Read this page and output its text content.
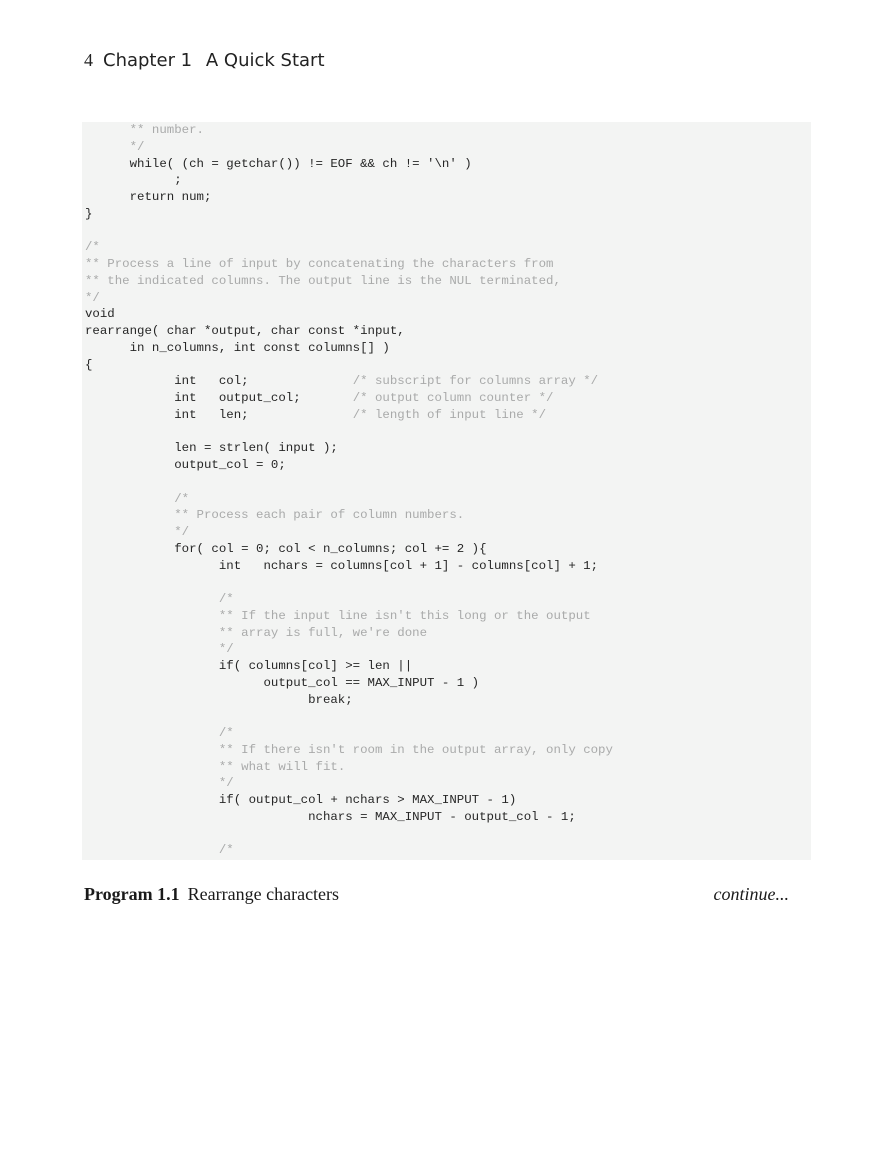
4 Chapter 1 A Quick Start
** number.
*/
while( (ch = getchar()) != EOF && ch != '\n' )
;
return num;
}
/*
** Process a line of input by concatenating the characters from
** the indicated columns. The output line is the NUL terminated,
*/
void
rearrange( char *output, char const *input,
in n_columns, int const columns[] )
{
int   col;              /* subscript for columns array */
int   output_col;       /* output column counter */
int   len;              /* length of input line */
len = strlen( input );
output_col = 0;
/*
** Process each pair of column numbers.
*/
for( col = 0; col < n_columns; col += 2 ){
int   nchars = columns[col + 1] - columns[col] + 1;
/*
** If the input line isn't this long or the output
** array is full, we're done
*/
if( columns[col] >= len ||
output_col == MAX_INPUT - 1 )
break;
/*
** If there isn't room in the output array, only copy
** what will fit.
*/
if( output_col + nchars > MAX_INPUT - 1)
nchars = MAX_INPUT - output_col - 1;
/*
Program 1.1 Rearrange characters	continue...
